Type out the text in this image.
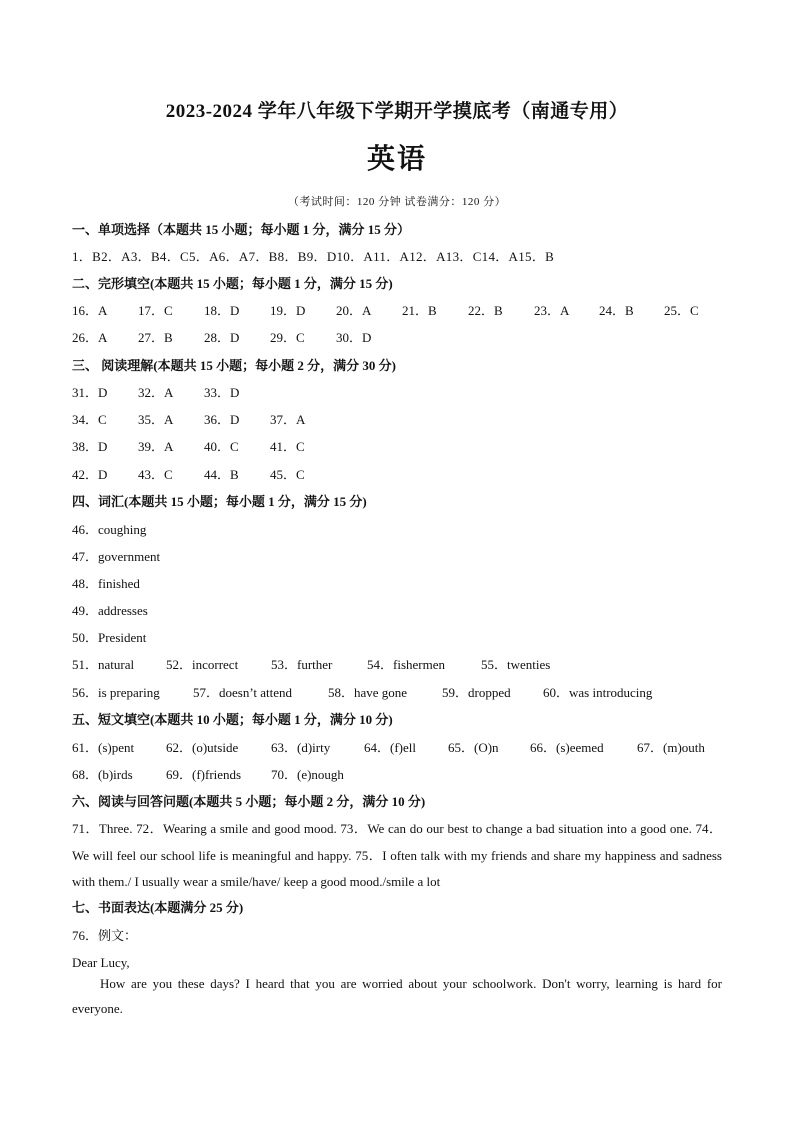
2023-2024 学年八年级下学期开学摸底考（南通专用）
英语
（考试时间：120 分钟 试卷满分：120 分）
一、单项选择（本题共 15 小题；每小题 1 分，满分 15 分）
1．B2．A3．B4．C5．A6．A7．B8．B9．D10．A11．A12．A13．C14．A15．B
二、完形填空(本题共 15 小题；每小题 1 分，满分 15 分)
16．A 17．C 18．D 19．D 20．A 21．B 22．B 23．A 24．B 25．C
26．A 27．B 28．D 29．C 30．D
三、 阅读理解(本题共 15 小题；每小题 2 分，满分 30 分)
31．D 32．A 33．D
34．C 35．A 36．D 37．A
38．D 39．A 40．C 41．C
42．D 43．C 44．B 45．C
四、词汇(本题共 15 小题；每小题 1 分，满分 15 分)
46．coughing
47．government
48．finished
49．addresses
50．President
51．natural 52．incorrect	53．further	54．fishermen	55．twenties
56．is preparing	57．doesn’t attend	58．have gone	59．dropped 60．was introducing
五、短文填空(本题共 10 小题；每小题 1 分，满分 10 分)
61．(s)pent 62．(o)utside	63．(d)irty	64．(f)ell 65．(O)n 66．(s)eemed	67．(m)outh
68．(b)irds	69．(f)friends 70．(e)nough
六、阅读与回答问题(本题共 5 小题；每小题 2 分，满分 10 分)
71．Three. 72．Wearing a smile and good mood. 73．We can do our best to change a bad situation into a good one. 74．We will feel our school life is meaningful and happy. 75．I often talk with my friends and share my happiness and sadness with them./ I usually wear a smile/have/ keep a good mood./smile a lot
七、书面表达(本题满分 25 分)
76．例文：
Dear Lucy,
How are you these days? I heard that you are worried about your schoolwork. Don't worry, learning is hard for everyone.
